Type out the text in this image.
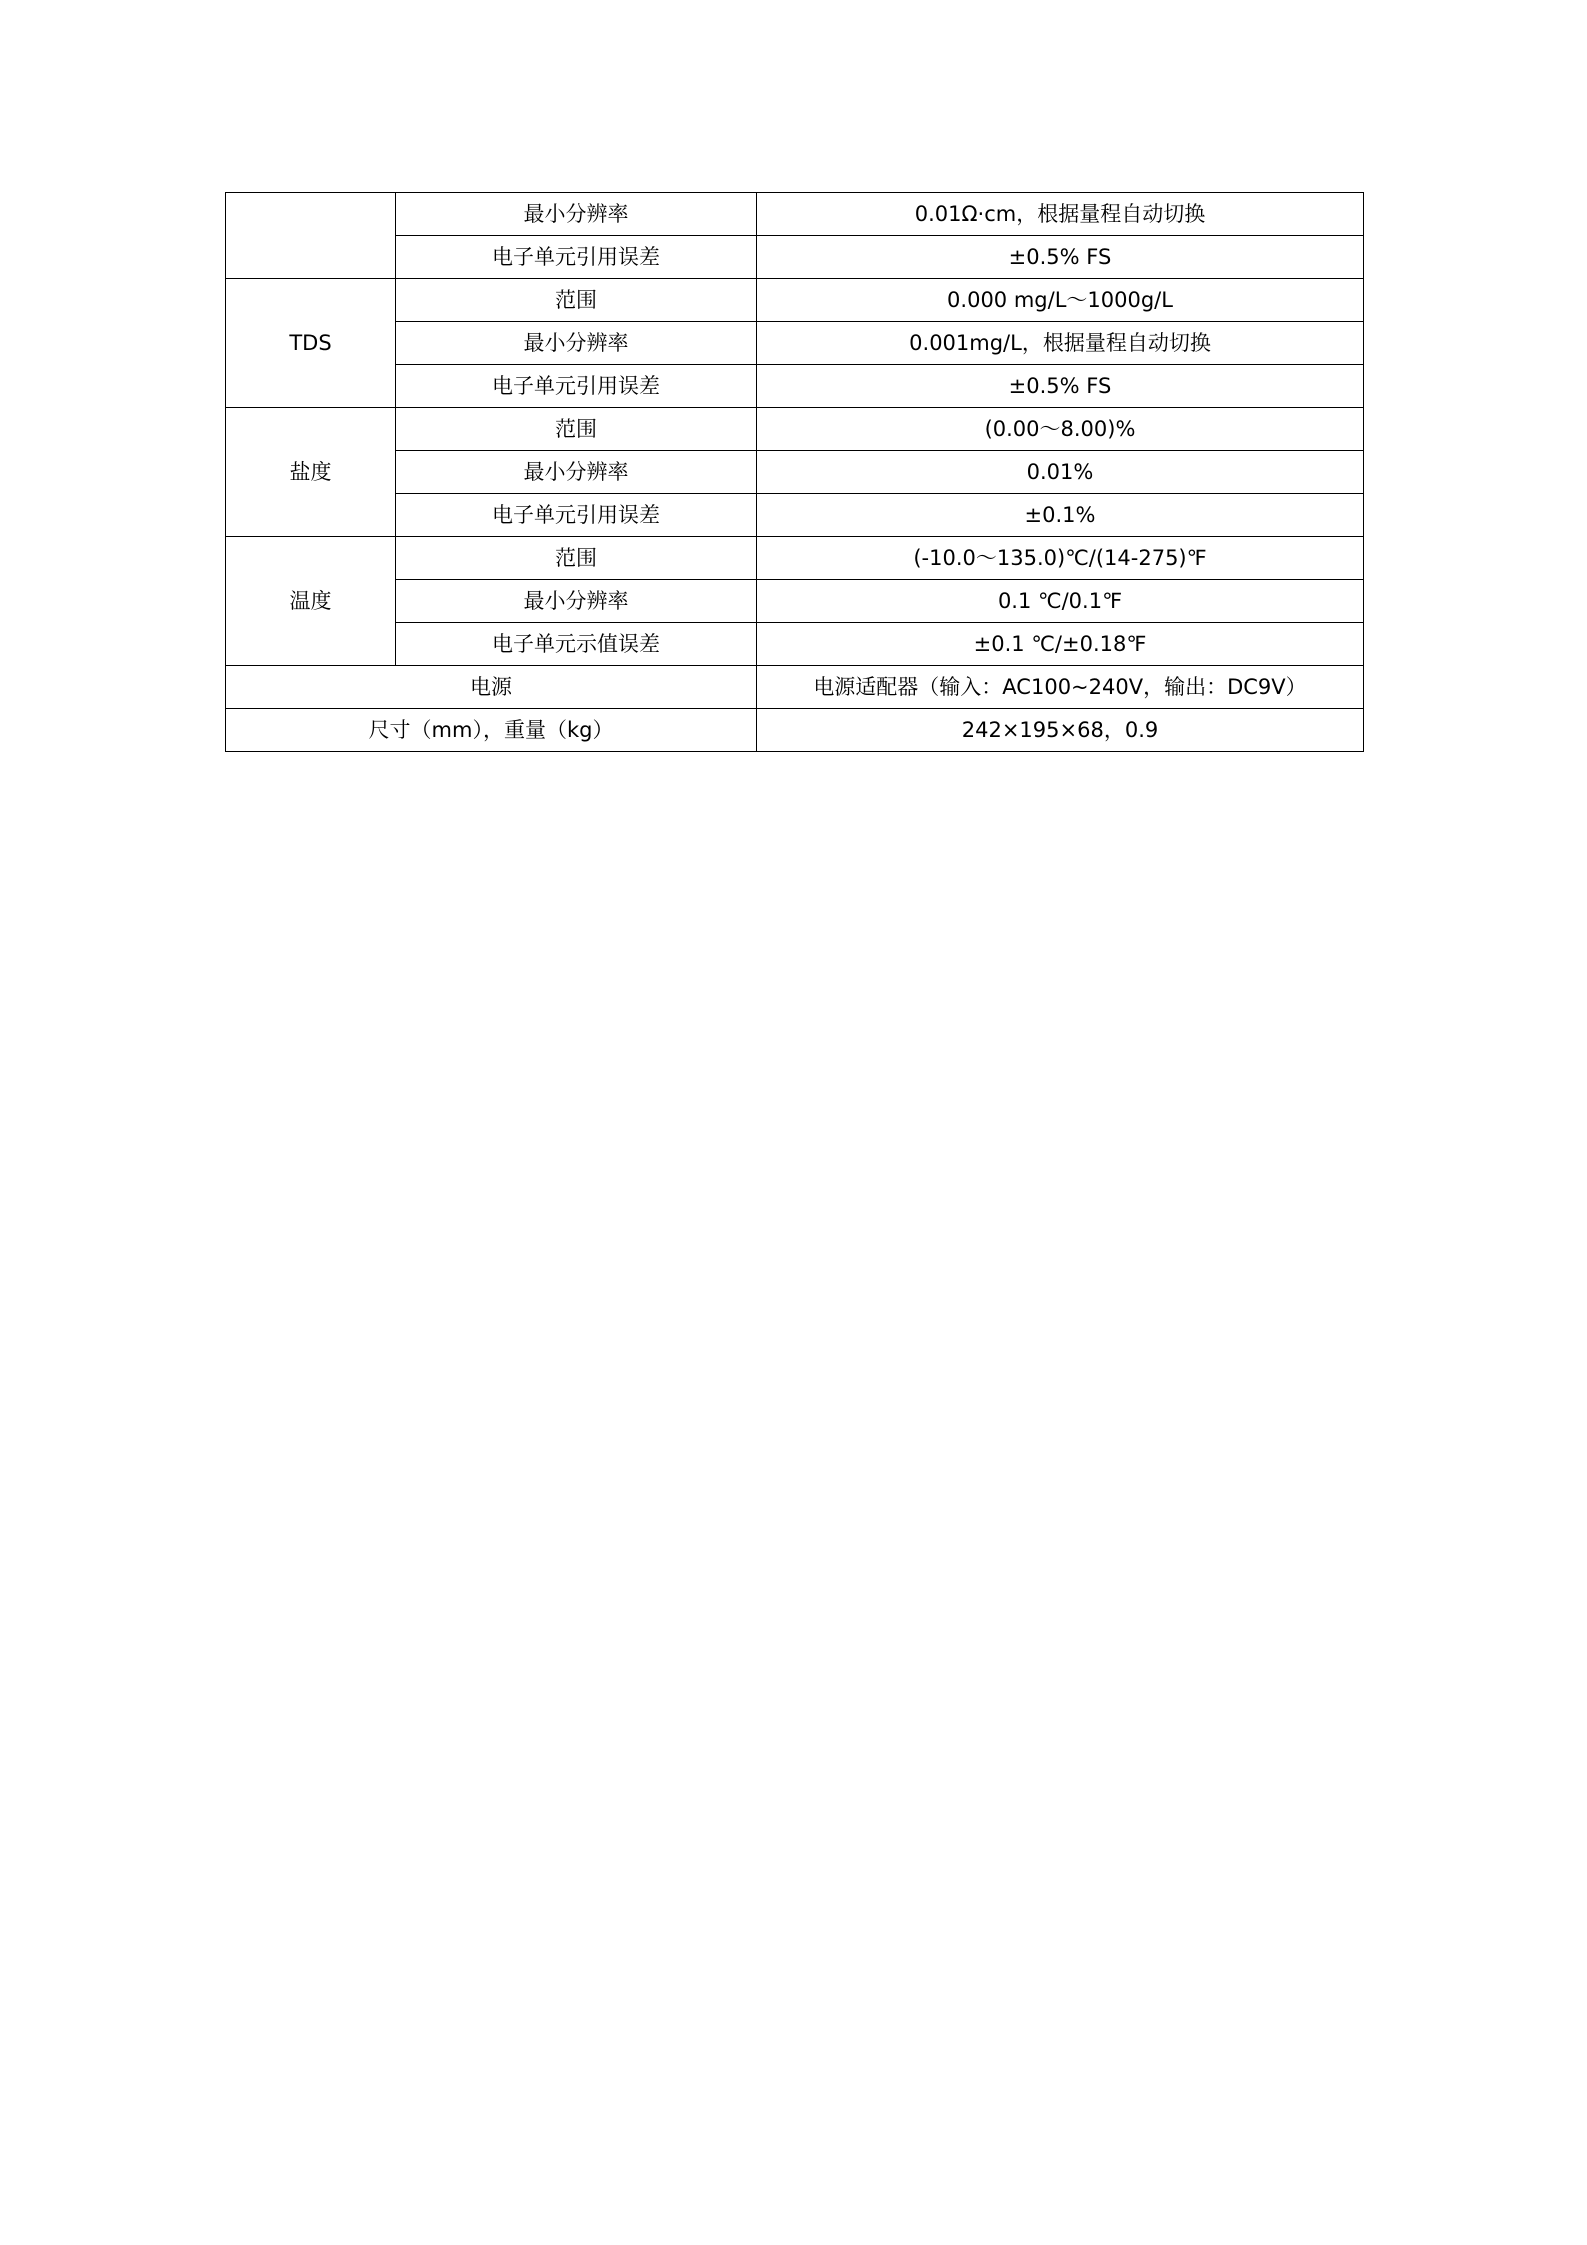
	最小分辨率	0.01Ω·cm，根据量程自动切换
	电子单元引用误差	±0.5% FS
TDS	范围	0.000 mg/L～1000g/L
	最小分辨率	0.001mg/L，根据量程自动切换
	电子单元引用误差	±0.5% FS
盐度	范围	(0.00～8.00)%
	最小分辨率	0.01%
	电子单元引用误差	±0.1%
温度	范围	(-10.0～135.0)℃/(14-275)℉
	最小分辨率	0.1 ℃/0.1℉
	电子单元示值误差	±0.1 ℃/±0.18℉
电源		电源适配器（输入：AC100~240V，输出：DC9V）
尺寸（mm），重量（kg）		242×195×68，0.9
